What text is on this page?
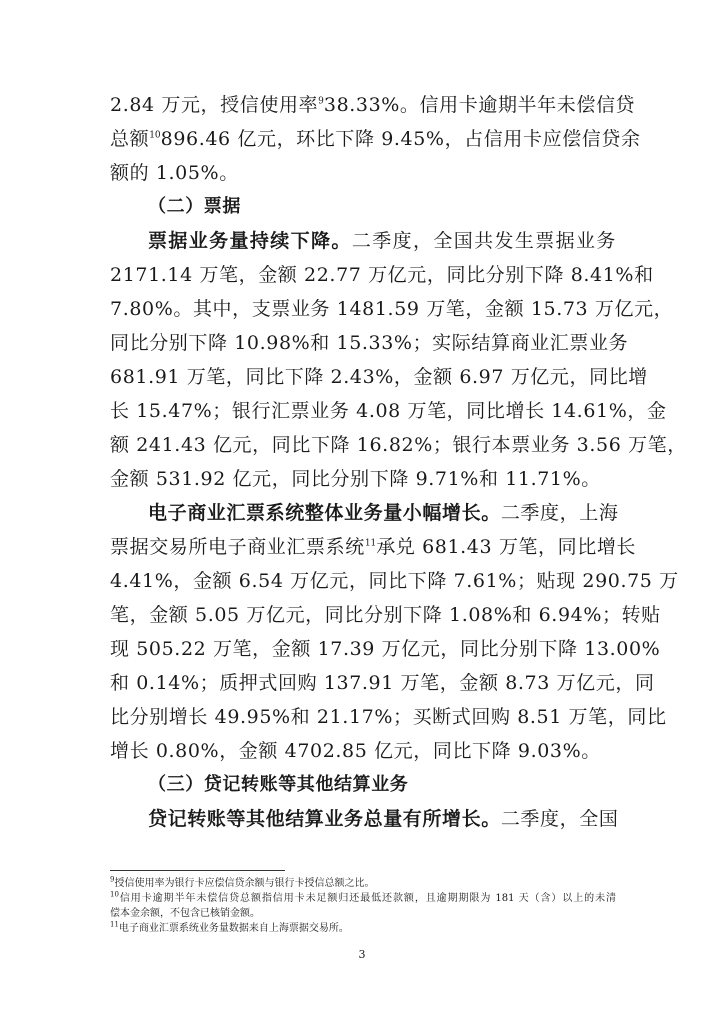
2.84 万元，授信使用率$^9$38.33%。信用卡逾期半年未偿信贷
总额$^{10}$896.46 亿元，环比下降 9.45%，占信用卡应偿信贷余
额的 1.05%。
（二）票据
票据业务量持续下降。二季度，全国共发生票据业务
2171.14 万笔，金额 22.77 万亿元，同比分别下降 8.41%和
7.80%。其中，支票业务 1481.59 万笔，金额 15.73 万亿元，
同比分别下降 10.98%和 15.33%；实际结算商业汇票业务
681.91 万笔，同比下降 2.43%，金额 6.97 万亿元，同比增
长 15.47%；银行汇票业务 4.08 万笔，同比增长 14.61%，金
额 241.43 亿元，同比下降 16.82%；银行本票业务 3.56 万笔，
金额 531.92 亿元，同比分别下降 9.71%和 11.71%。
电子商业汇票系统整体业务量小幅增长。二季度，上海
票据交易所电子商业汇票系统$^{11}$承兑 681.43 万笔，同比增长
4.41%，金额 6.54 万亿元，同比下降 7.61%；贴现 290.75 万
笔，金额 5.05 万亿元，同比分别下降 1.08%和 6.94%；转贴
现 505.22 万笔，金额 17.39 万亿元，同比分别下降 13.00%
和 0.14%；质押式回购 137.91 万笔，金额 8.73 万亿元，同
比分别增长 49.95%和 21.17%；买断式回购 8.51 万笔，同比
增长 0.80%，金额 4702.85 亿元，同比下降 9.03%。
（三）贷记转账等其他结算业务
贷记转账等其他结算业务总量有所增长。二季度，全国
$^9$授信使用率为银行卡应偿信贷余额与银行卡授信总额之比。
$^{10}$信用卡逾期半年未偿信贷总额指信用卡未足额归还最低还款额，且逾期期限为 181 天（含）以上的未清
偿本金余额，不包含已核销金额。
$^{11}$电子商业汇票系统业务量数据来自上海票据交易所。
3
